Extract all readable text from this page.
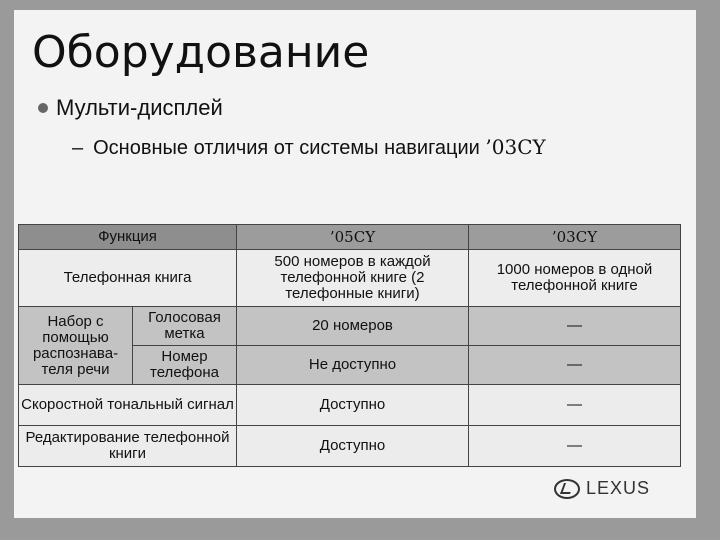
Оборудование
Мульти-дисплей
– Основные отличия от системы навигации ’03CY
Функция		’05CY	’03CY
Телефонная книга		500 номеров в каждой телефонной книге (2 телефонные книги)	1000 номеров в одной телефонной книге
Набор с помощью распознава-теля речи	Голосовая метка	20 номеров	—
	Номер телефона	Не доступно	—
Скоростной тональный сигнал		Доступно	—
Редактирование телефонной книги		Доступно	—
LEXUS
